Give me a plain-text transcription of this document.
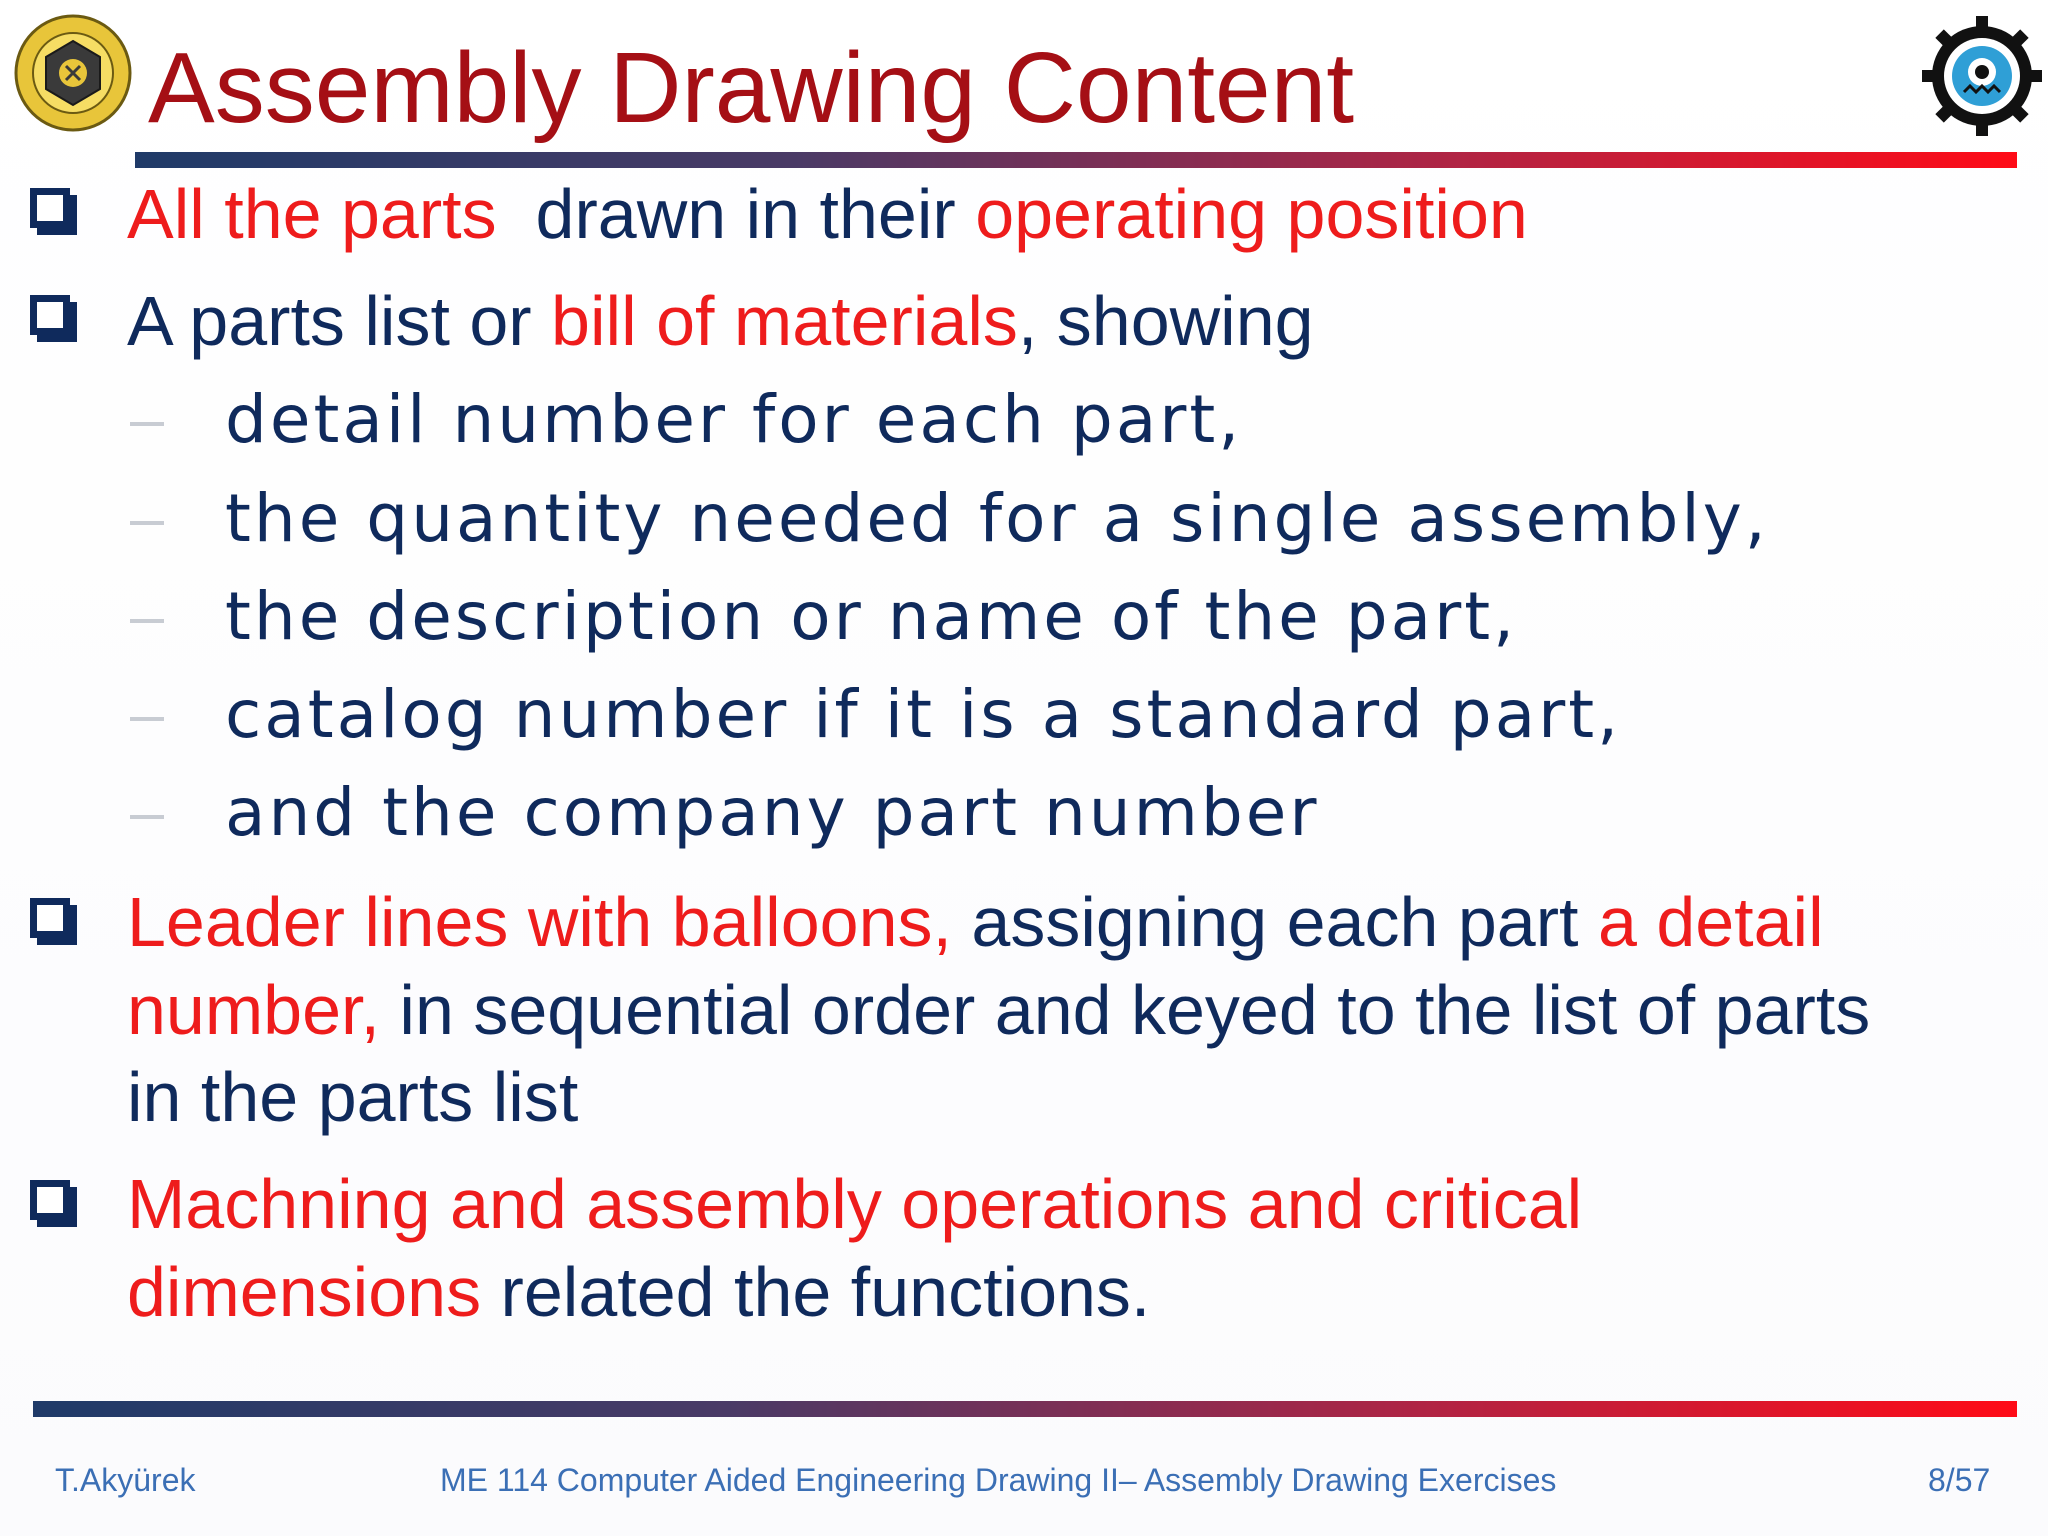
Assembly Drawing Content
All the parts  drawn in their operating position
A parts list or bill of materials, showing
detail number for each part,
the quantity needed for a single assembly,
the description or name of the part,
catalog number if it is a standard part,
and the company part number
Leader lines with balloons, assigning each part a detail
number, in sequential order and keyed to the list of parts
in the parts list
Machning and assembly operations and critical
dimensions related the functions.
T.Akyürek	ME 114 Computer Aided Engineering Drawing II– Assembly Drawing Exercises	8/57
